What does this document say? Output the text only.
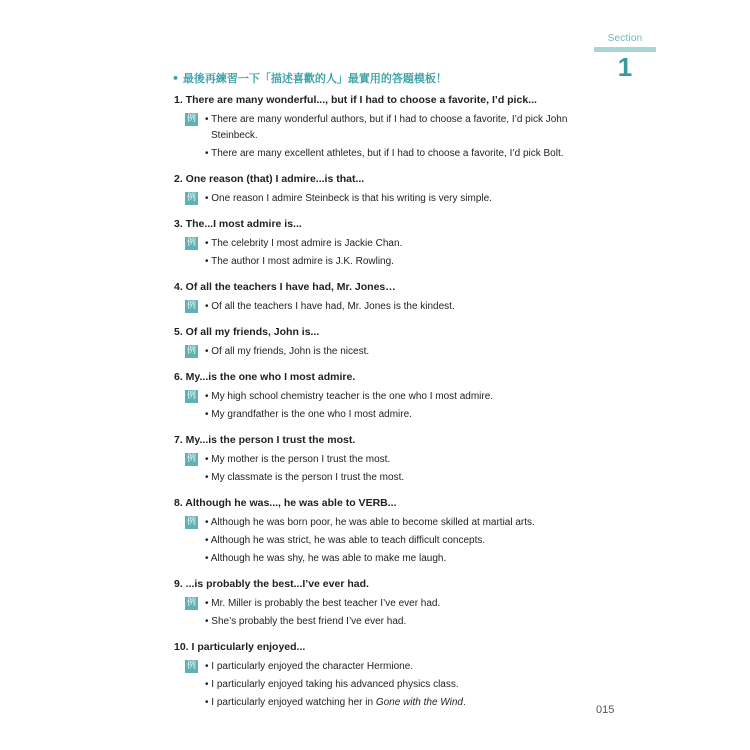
Section
1
• 最後再練習一下「描述喜歡的人」最實用的答題模板！
1. There are many wonderful..., but if I had to choose a favorite, I’d pick...
例 • There are many wonderful authors, but if I had to choose a favorite, I’d pick John Steinbeck.
• There are many excellent athletes, but if I had to choose a favorite, I’d pick Bolt.
2. One reason (that) I admire...is that...
例 • One reason I admire Steinbeck is that his writing is very simple.
3. The...I most admire is...
例 • The celebrity I most admire is Jackie Chan.
• The author I most admire is J.K. Rowling.
4. Of all the teachers I have had, Mr. Jones…
例 • Of all the teachers I have had, Mr. Jones is the kindest.
5. Of all my friends, John is...
例 • Of all my friends, John is the nicest.
6. My...is the one who I most admire.
例 • My high school chemistry teacher is the one who I most admire.
• My grandfather is the one who I most admire.
7. My...is the person I trust the most.
例 • My mother is the person I trust the most.
• My classmate is the person I trust the most.
8. Although he was..., he was able to VERB...
例 • Although he was born poor, he was able to become skilled at martial arts.
• Although he was strict, he was able to teach difficult concepts.
• Although he was shy, he was able to make me laugh.
9. ...is probably the best...I’ve ever had.
例 • Mr. Miller is probably the best teacher I’ve ever had.
• She’s probably the best friend I’ve ever had.
10. I particularly enjoyed...
例 • I particularly enjoyed the character Hermione.
• I particularly enjoyed taking his advanced physics class.
• I particularly enjoyed watching her in Gone with the Wind.
015
